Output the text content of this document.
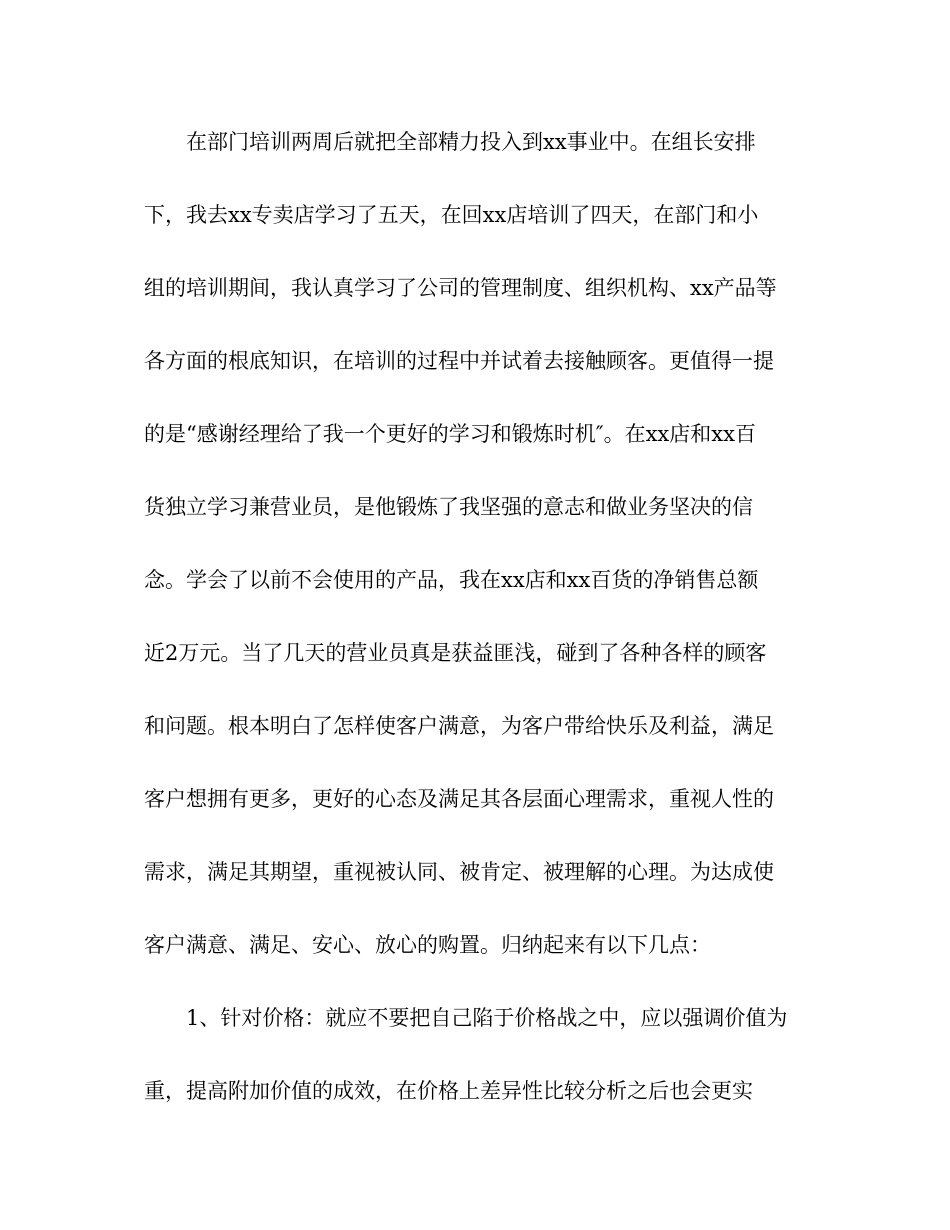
在部门培训两周后就把全部精力投入到xx事业中。在组长安排
下，我去xx专卖店学习了五天，在回xx店培训了四天，在部门和小
组的培训期间，我认真学习了公司的管理制度、组织机构、xx产品等
各方面的根底知识，在培训的过程中并试着去接触顾客。更值得一提
的是“感谢经理给了我一个更好的学习和锻炼时机″。在xx店和xx百
货独立学习兼营业员，是他锻炼了我坚强的意志和做业务坚决的信
念。学会了以前不会使用的产品，我在xx店和xx百货的净销售总额
近2万元。当了几天的营业员真是获益匪浅，碰到了各种各样的顾客
和问题。根本明白了怎样使客户满意，为客户带给快乐及利益，满足
客户想拥有更多，更好的心态及满足其各层面心理需求，重视人性的
需求，满足其期望，重视被认同、被肯定、被理解的心理。为达成使
客户满意、满足、安心、放心的购置。归纳起来有以下几点：
1、针对价格：就应不要把自己陷于价格战之中，应以强调价值为
重，提高附加价值的成效，在价格上差异性比较分析之后也会更实
